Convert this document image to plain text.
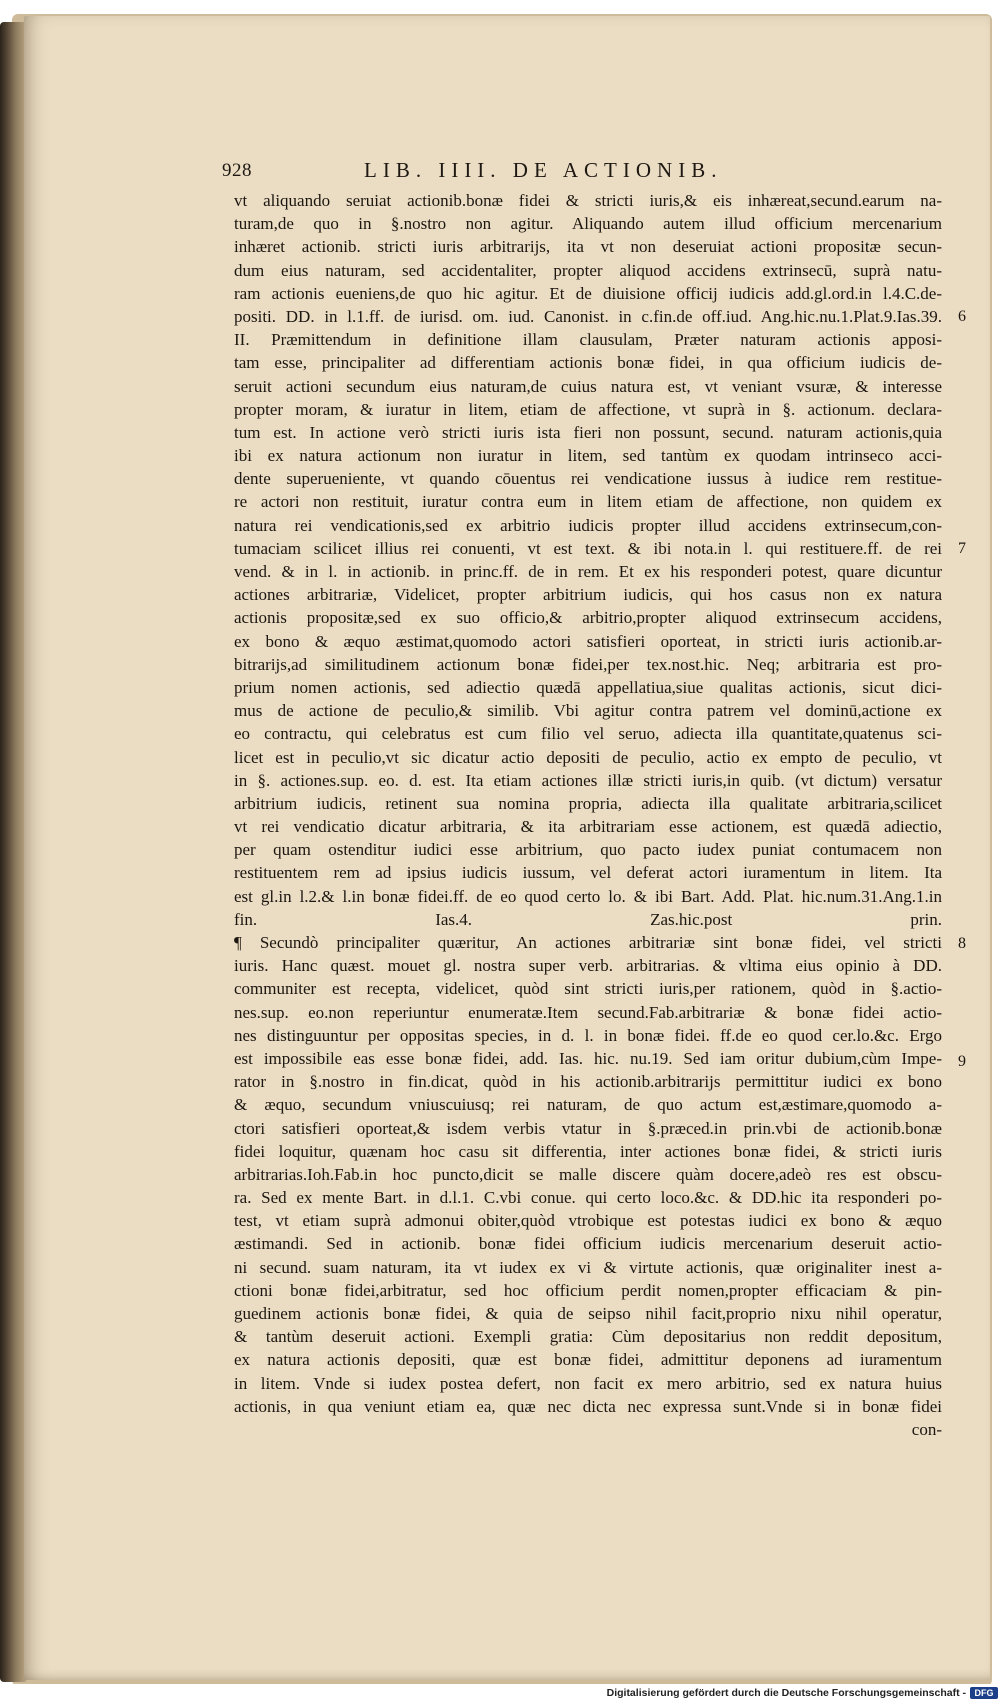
928	LIB. IIII. DE ACTIONIB.
vt aliquando seruiat actionib.bonæ fidei & stricti iuris,& eis inhæreat,secund.earum na-
turam,de quo in §.nostro non agitur. Aliquando autem illud officium mercenarium
inhæret actionib. stricti iuris arbitrarijs, ita vt non deseruiat actioni propositæ secun-
dum eius naturam, sed accidentaliter, propter aliquod accidens extrinsecū, suprà natu-
ram actionis eueniens,de quo hic agitur. Et de diuisione officij iudicis add.gl.ord.in l.4.C.de-
positi. DD. in l.1.ff. de iurisd. om. iud. Canonist. in c.fin.de off.iud. Ang.hic.nu.1.Plat.9.Ias.39.
II. Præmittendum in definitione illam clausulam, Præter naturam actionis apposi-
tam esse, principaliter ad differentiam actionis bonæ fidei, in qua officium iudicis de-
seruit actioni secundum eius naturam,de cuius natura est, vt veniant vsuræ, & interesse
propter moram, & iuratur in litem, etiam de affectione, vt suprà in §. actionum. declara-
tum est. In actione verò stricti iuris ista fieri non possunt, secund. naturam actionis,quia
ibi ex natura actionum non iuratur in litem, sed tantùm ex quodam intrinseco acci-
dente superueniente, vt quando cōuentus rei vendicatione iussus à iudice rem restitue-
re actori non restituit, iuratur contra eum in litem etiam de affectione, non quidem ex
natura rei vendicationis,sed ex arbitrio iudicis propter illud accidens extrinsecum,con-
tumaciam scilicet illius rei conuenti, vt est text. & ibi nota.in l. qui restituere.ff. de rei
vend. & in l. in actionib. in princ.ff. de in rem. Et ex his responderi potest, quare dicuntur
actiones arbitrariæ, Videlicet, propter arbitrium iudicis, qui hos casus non ex natura
actionis propositæ,sed ex suo officio,& arbitrio,propter aliquod extrinsecum accidens,
ex bono & æquo æstimat,quomodo actori satisfieri oporteat, in stricti iuris actionib.ar-
bitrarijs,ad similitudinem actionum bonæ fidei,per tex.nost.hic. Neq; arbitraria est pro-
prium nomen actionis, sed adiectio quædā appellatiua,siue qualitas actionis, sicut dici-
mus de actione de peculio,& similib. Vbi agitur contra patrem vel dominū,actione ex
eo contractu, qui celebratus est cum filio vel seruo, adiecta illa quantitate,quatenus sci-
licet est in peculio,vt sic dicatur actio depositi de peculio, actio ex empto de peculio, vt
in §. actiones.sup. eo. d. est. Ita etiam actiones illæ stricti iuris,in quib. (vt dictum) versatur
arbitrium iudicis, retinent sua nomina propria, adiecta illa qualitate arbitraria,scilicet
vt rei vendicatio dicatur arbitraria, & ita arbitrariam esse actionem, est quædā adiectio,
per quam ostenditur iudici esse arbitrium, quo pacto iudex puniat contumacem non
restituentem rem ad ipsius iudicis iussum, vel deferat actori iuramentum in litem. Ita
est gl.in l.2.& l.in bonæ fidei.ff. de eo quod certo lo. & ibi Bart. Add. Plat. hic.num.31.Ang.1.in
fin. Ias.4. Zas.hic.post prin.
¶ Secundò principaliter quæritur, An actiones arbitrariæ sint bonæ fidei, vel stricti
iuris. Hanc quæst. mouet gl. nostra super verb. arbitrarias. & vltima eius opinio à DD.
communiter est recepta, videlicet, quòd sint stricti iuris,per rationem, quòd in §.actio-
nes.sup. eo.non reperiuntur enumeratæ.Item secund.Fab.arbitrariæ & bonæ fidei actio-
nes distinguuntur per oppositas species, in d. l. in bonæ fidei. ff.de eo quod cer.lo.&c. Ergo
est impossibile eas esse bonæ fidei, add. Ias. hic. nu.19. Sed iam oritur dubium,cùm Impe-
rator in §.nostro in fin.dicat, quòd in his actionib.arbitrarijs permittitur iudici ex bono
& æquo, secundum vniuscuiusq; rei naturam, de quo actum est,æstimare,quomodo a-
ctori satisfieri oporteat,& isdem verbis vtatur in §.præced.in prin.vbi de actionib.bonæ
fidei loquitur, quænam hoc casu sit differentia, inter actiones bonæ fidei, & stricti iuris
arbitrarias.Ioh.Fab.in hoc puncto,dicit se malle discere quàm docere,adeò res est obscu-
ra. Sed ex mente Bart. in d.l.1. C.vbi conue. qui certo loco.&c. & DD.hic ita responderi po-
test, vt etiam suprà admonui obiter,quòd vtrobique est potestas iudici ex bono & æquo
æstimandi. Sed in actionib. bonæ fidei officium iudicis mercenarium deseruit actio-
ni secund. suam naturam, ita vt iudex ex vi & virtute actionis, quæ originaliter inest a-
ctioni bonæ fidei,arbitratur, sed hoc officium perdit nomen,propter efficaciam & pin-
guedinem actionis bonæ fidei, & quia de seipso nihil facit,proprio nixu nihil operatur,
& tantùm deseruit actioni. Exempli gratia: Cùm depositarius non reddit depositum,
ex natura actionis depositi, quæ est bonæ fidei, admittitur deponens ad iuramentum
in litem. Vnde si iudex postea defert, non facit ex mero arbitrio, sed ex natura huius
actionis, in qua veniunt etiam ea, quæ nec dicta nec expressa sunt.Vnde si in bonæ fidei
con-
6
7
8
9
Digitalisierung gefördert durch die Deutsche Forschungsgemeinschaft - DFG
